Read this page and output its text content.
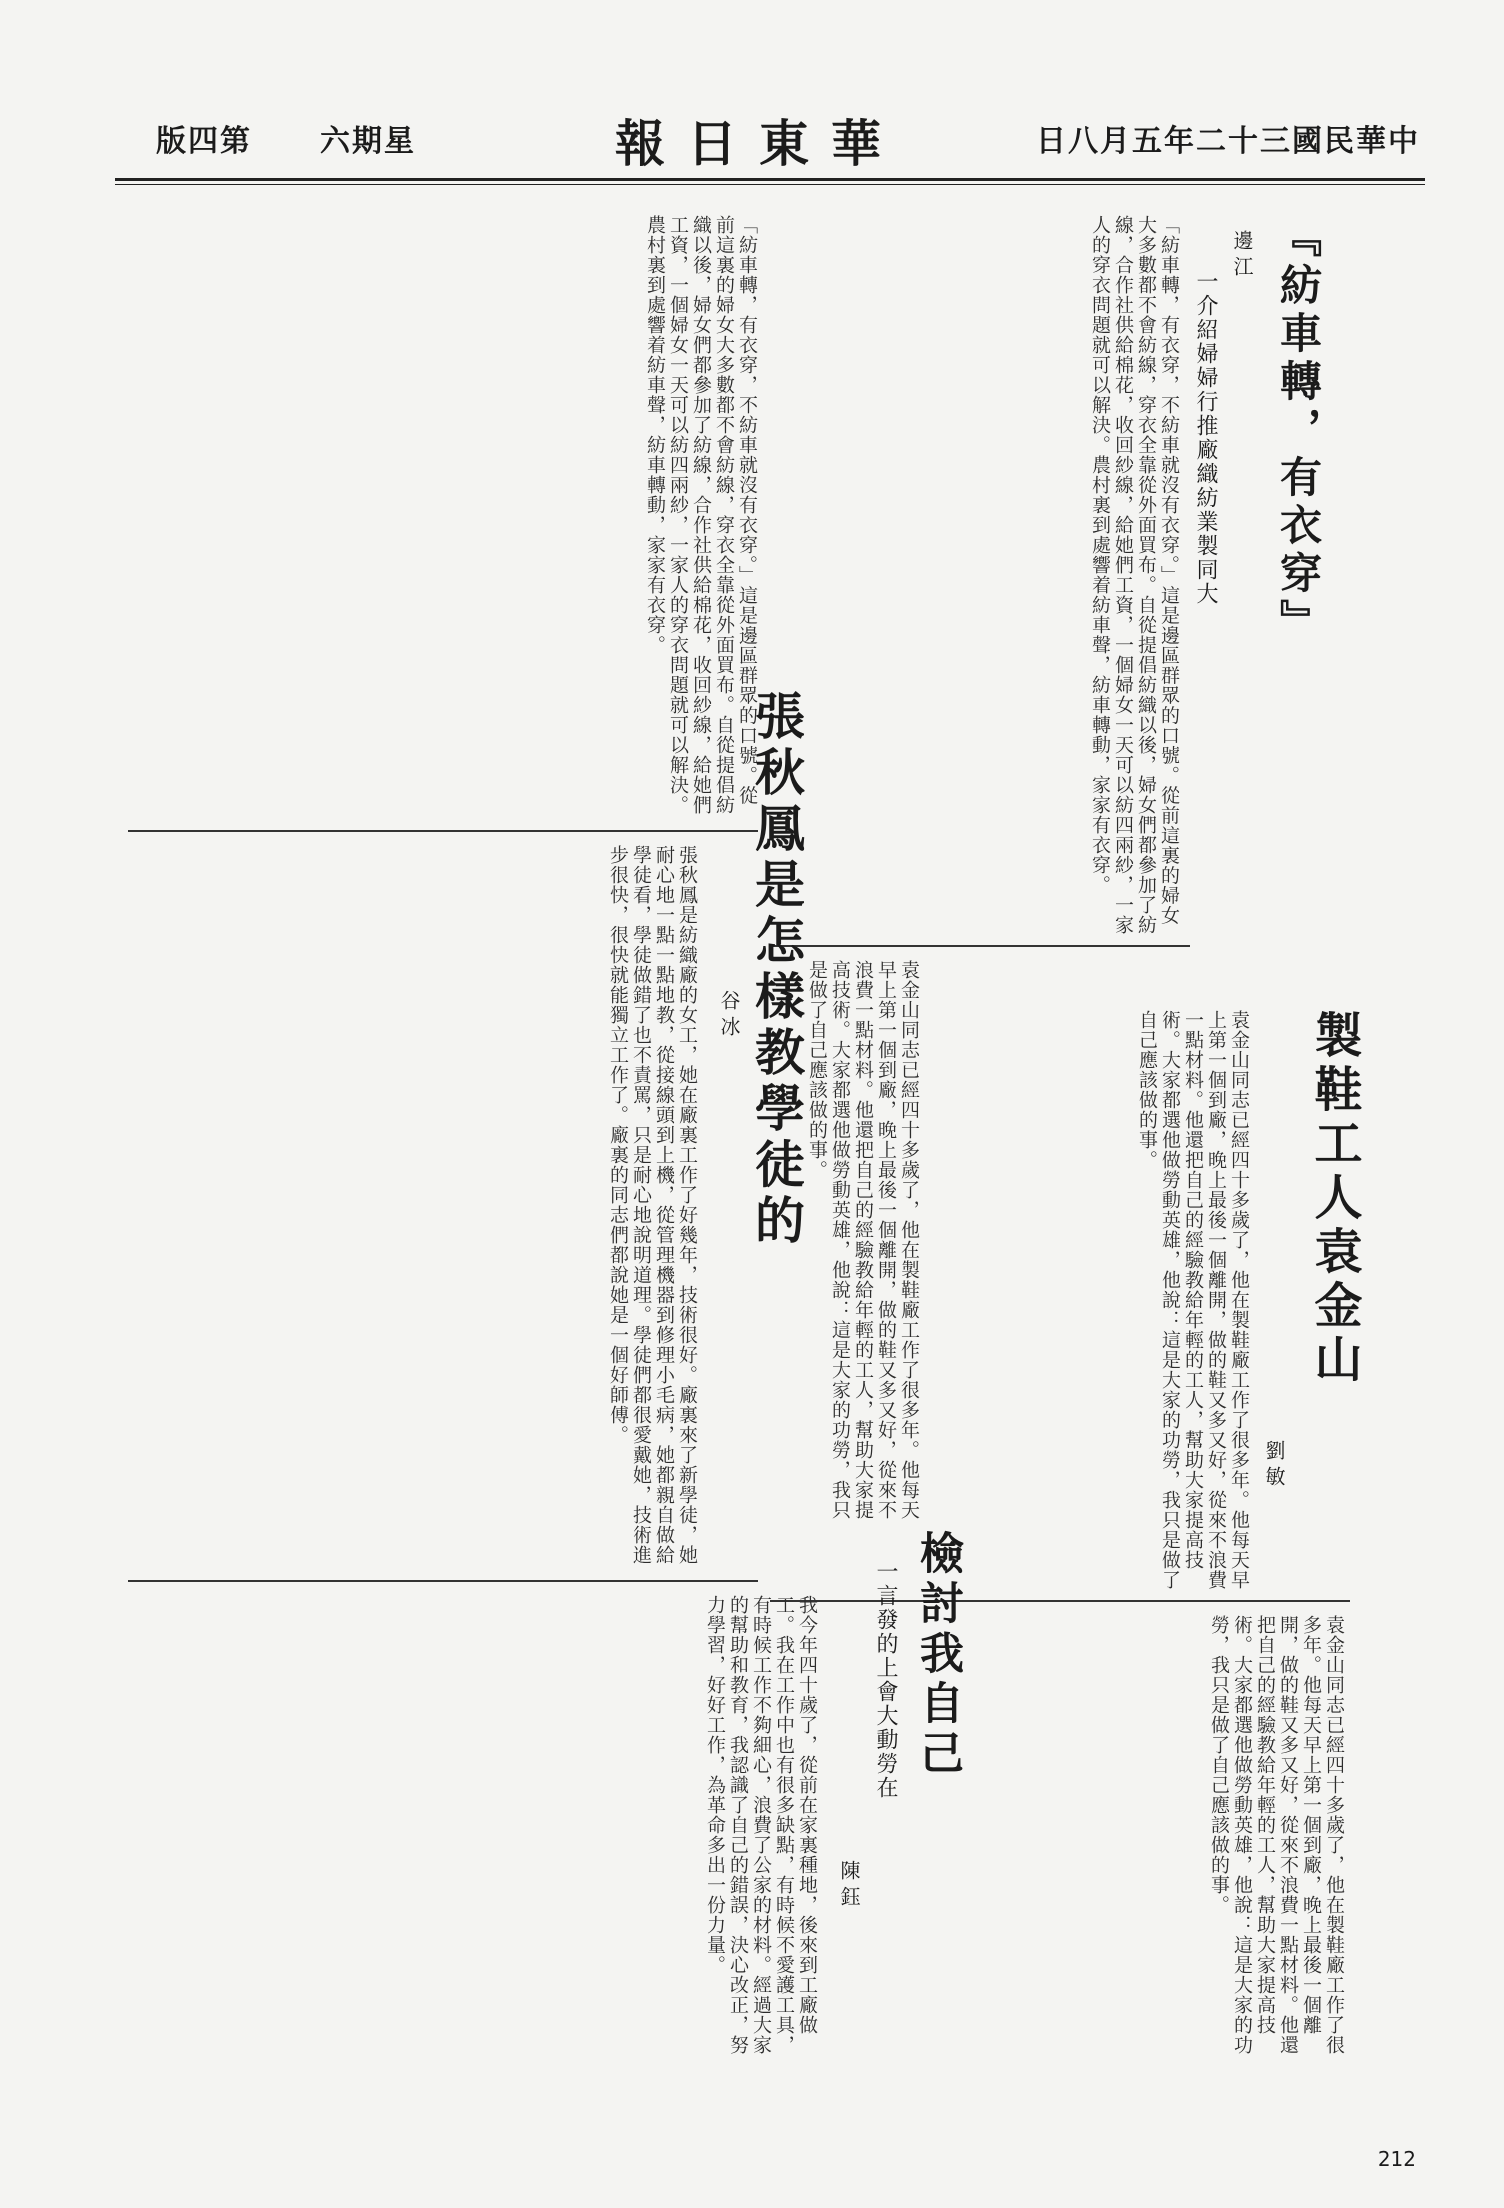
版四第 六期星	報日東華	日八月五年二十三國民華中
『紡車轉，有衣穿』
邊江
一介紹婦婦行推廠織紡業製同大
「紡車轉，有衣穿，不紡車就沒有衣穿。」這是邊區群眾的口號。從前這裏的婦女大多數都不會紡線，穿衣全靠從外面買布。自從提倡紡織以後，婦女們都參加了紡線，合作社供給棉花，收回紗線，給她們工資，一個婦女一天可以紡四兩紗，一家人的穿衣問題就可以解決。農村裏到處響着紡車聲，紡車轉動，家家有衣穿。
「紡車轉，有衣穿，不紡車就沒有衣穿。」這是邊區群眾的口號。從前這裏的婦女大多數都不會紡線，穿衣全靠從外面買布。自從提倡紡織以後，婦女們都參加了紡線，合作社供給棉花，收回紗線，給她們工資，一個婦女一天可以紡四兩紗，一家人的穿衣問題就可以解決。農村裏到處響着紡車聲，紡車轉動，家家有衣穿。
張秋鳳是怎樣教學徒的
谷冰
張秋鳳是紡織廠的女工，她在廠裏工作了好幾年，技術很好。廠裏來了新學徒，她耐心地一點一點地教，從接線頭到上機，從管理機器到修理小毛病，她都親自做給學徒看，學徒做錯了也不責罵，只是耐心地說明道理。學徒們都很愛戴她，技術進步很快，很快就能獨立工作了。廠裏的同志們都說她是一個好師傅。	製鞋工人袁金山
劉敏
袁金山同志已經四十多歲了，他在製鞋廠工作了很多年。他每天早上第一個到廠，晚上最後一個離開，做的鞋又多又好，從來不浪費一點材料。他還把自己的經驗教給年輕的工人，幫助大家提高技術。大家都選他做勞動英雄，他說：這是大家的功勞，我只是做了自己應該做的事。
袁金山同志已經四十多歲了，他在製鞋廠工作了很多年。他每天早上第一個到廠，晚上最後一個離開，做的鞋又多又好，從來不浪費一點材料。他還把自己的經驗教給年輕的工人，幫助大家提高技術。大家都選他做勞動英雄，他說：這是大家的功勞，我只是做了自己應該做的事。
檢討我自己
一言發的上會大動勞在
陳鈺
我今年四十歲了，從前在家裏種地，後來到工廠做工。我在工作中也有很多缺點，有時候不愛護工具，有時候工作不夠細心，浪費了公家的材料。經過大家的幫助和教育，我認識了自己的錯誤，決心改正，努力學習，好好工作，為革命多出一份力量。	袁金山同志已經四十多歲了，他在製鞋廠工作了很多年。他每天早上第一個到廠，晚上最後一個離開，做的鞋又多又好，從來不浪費一點材料。他還把自己的經驗教給年輕的工人，幫助大家提高技術。大家都選他做勞動英雄，他說：這是大家的功勞，我只是做了自己應該做的事。
212
